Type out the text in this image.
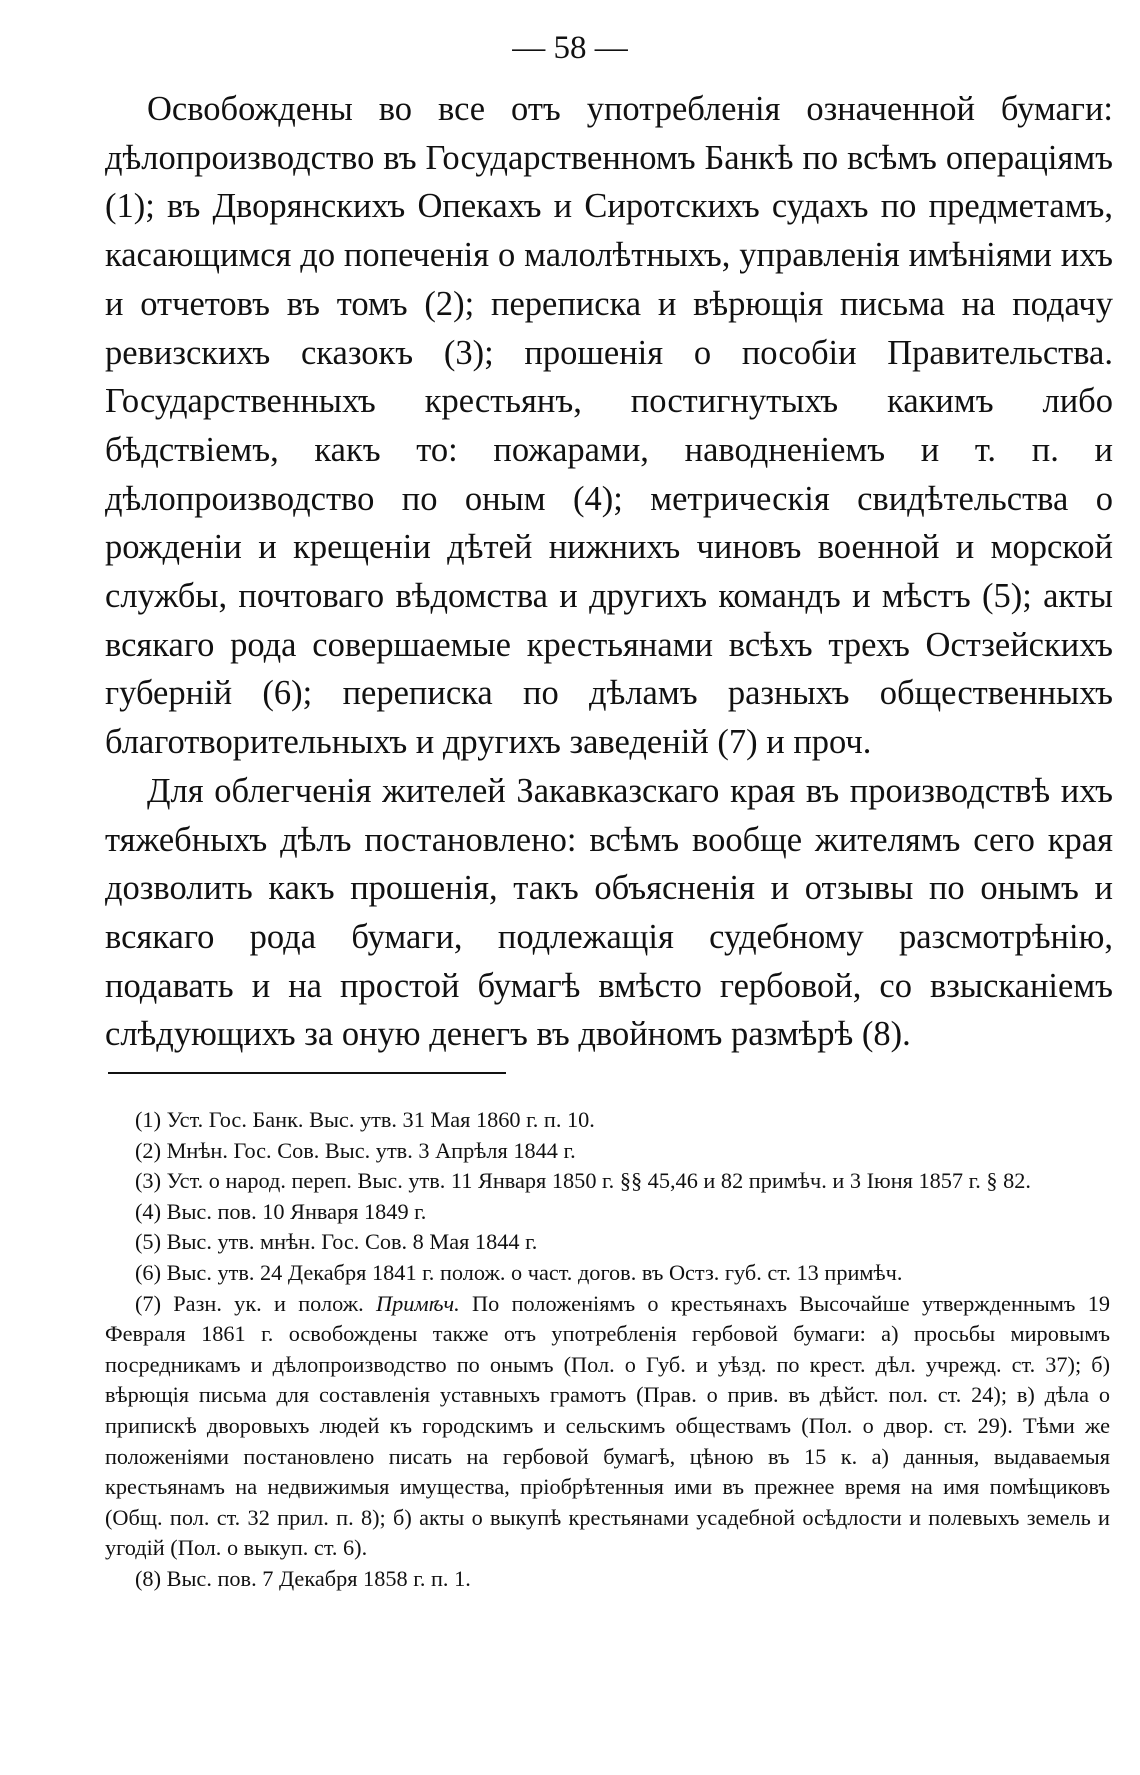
— 58 —

Освобождены во все отъ употребленія означенной бумаги: дѣлопроизводство въ Государственномъ Банкѣ по всѣмъ операціямъ (1); въ Дворянскихъ Опекахъ и Сиротскихъ судахъ по предметамъ, касающимся до попеченія о малолѣтныхъ, управленія имѣніями ихъ и отчетовъ въ томъ (2); переписка и вѣрющія письма на подачу ревизскихъ сказокъ (3); прошенія о пособіи Правительства. Государственныхъ крестьянъ, постигнутыхъ какимъ либо бѣдствіемъ, какъ то: пожарами, наводненіемъ и т. п. и дѣлопроизводство по оным (4); метрическія свидѣтельства о рожденіи и крещеніи дѣтей нижнихъ чиновъ военной и морской службы, почтоваго вѣдомства и другихъ командъ и мѣстъ (5); акты всякаго рода совершаемые крестьянами всѣхъ трехъ Остзейскихъ губерній (6); переписка по дѣламъ разныхъ общественныхъ благотворительныхъ и другихъ заведеній (7) и проч.

Для облегченія жителей Закавказскаго края въ производствѣ ихъ тяжебныхъ дѣлъ постановлено: всѣмъ вообще жителямъ сего края дозволить какъ прошенія, такъ объясненія и отзывы по онымъ и всякаго рода бумаги, подлежащія судебному разсмотрѣнію, подавать и на простой бумагѣ вмѣсто гербовой, со взысканіемъ слѣдующихъ за оную денегъ въ двойномъ размѣрѣ (8).

(1) Уст. Гос. Банк. Выс. утв. 31 Мая 1860 г. п. 10.

(2) Мнѣн. Гос. Сов. Выс. утв. 3 Апрѣля 1844 г.

(3) Уст. о народ. переп. Выс. утв. 11 Января 1850 г. §§ 45,46 и 82 примѣч. и 3 Іюня 1857 г. § 82.

(4) Выс. пов. 10 Января 1849 г.

(5) Выс. утв. мнѣн. Гос. Сов. 8 Мая 1844 г.

(6) Выс. утв. 24 Декабря 1841 г. полож. о част. догов. въ Остз. губ. ст. 13 примѣч.

(7) Разн. ук. и полож. Примѣч. По положеніямъ о крестьянахъ Высочайше утвержденнымъ 19 Февраля 1861 г. освобождены также отъ употребленія гербовой бумаги: а) просьбы мировымъ посредникамъ и дѣлопроизводство по онымъ (Пол. о Губ. и уѣзд. по крест. дѣл. учрежд. ст. 37); б) вѣрющія письма для составленія уставныхъ грамотъ (Прав. о прив. въ дѣйст. пол. ст. 24); в) дѣла о припискѣ дворовыхъ людей къ городскимъ и сельскимъ обществамъ (Пол. о двор. ст. 29). Тѣми же положеніями постановлено писать на гербовой бумагѣ, цѣною въ 15 к. а) данныя, выдаваемыя крестьянамъ на недвижимыя имущества, пріобрѣтенныя ими въ прежнее время на имя помѣщиковъ (Общ. пол. ст. 32 прил. п. 8); б) акты о выкупѣ крестьянами усадебной осѣдлости и полевыхъ земель и угодій (Пол. о выкуп. ст. 6).

(8) Выс. пов. 7 Декабря 1858 г. п. 1.
